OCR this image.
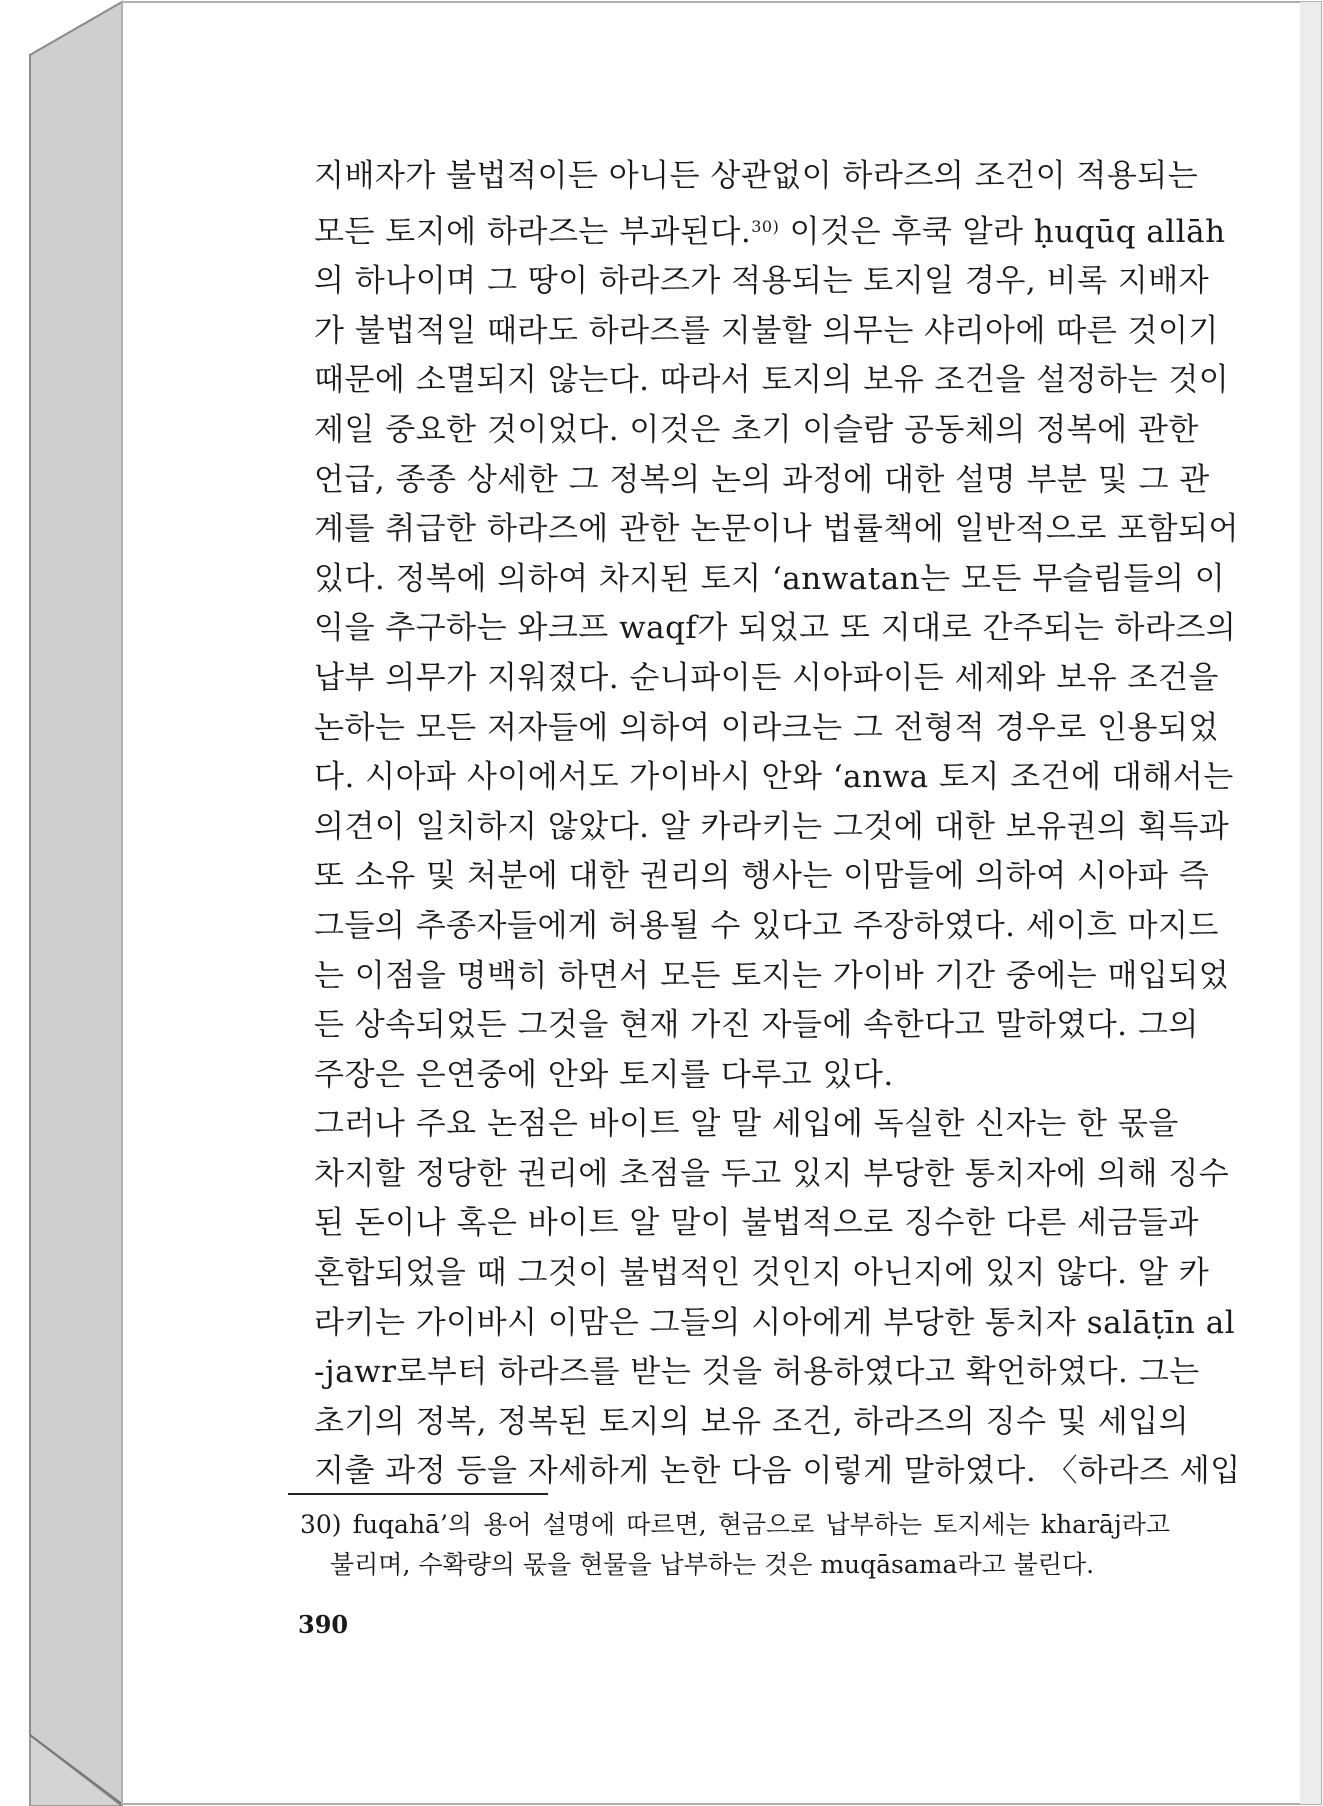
지배자가 불법적이든 아니든 상관없이 하라즈의 조건이 적용되는
모든 토지에 하라즈는 부과된다.$^{30)}$ 이것은 후쿡 알라 ḥuqūq allāh
의 하나이며 그 땅이 하라즈가 적용되는 토지일 경우, 비록 지배자
가 불법적일 때라도 하라즈를 지불할 의무는 샤리아에 따른 것이기
때문에 소멸되지 않는다. 따라서 토지의 보유 조건을 설정하는 것이
제일 중요한 것이었다. 이것은 초기 이슬람 공동체의 정복에 관한
언급, 종종 상세한 그 정복의 논의 과정에 대한 설명 부분 및 그 관
계를 취급한 하라즈에 관한 논문이나 법률책에 일반적으로 포함되어
있다. 정복에 의하여 차지된 토지 ʻanwatan는 모든 무슬림들의 이
익을 추구하는 와크프 waqf가 되었고 또 지대로 간주되는 하라즈의
납부 의무가 지워졌다. 순니파이든 시아파이든 세제와 보유 조건을
논하는 모든 저자들에 의하여 이라크는 그 전형적 경우로 인용되었
다. 시아파 사이에서도 가이바시 안와 ʻanwa 토지 조건에 대해서는
의견이 일치하지 않았다. 알 카라키는 그것에 대한 보유권의 획득과
또 소유 및 처분에 대한 권리의 행사는 이맘들에 의하여 시아파 즉
그들의 추종자들에게 허용될 수 있다고 주장하였다. 세이흐 마지드
는 이점을 명백히 하면서 모든 토지는 가이바 기간 중에는 매입되었
든 상속되었든 그것을 현재 가진 자들에 속한다고 말하였다. 그의
주장은 은연중에 안와 토지를 다루고 있다.

그러나 주요 논점은 바이트 알 말 세입에 독실한 신자는 한 몫을
차지할 정당한 권리에 초점을 두고 있지 부당한 통치자에 의해 징수
된 돈이나 혹은 바이트 알 말이 불법적으로 징수한 다른 세금들과
혼합되었을 때 그것이 불법적인 것인지 아닌지에 있지 않다. 알 카
라키는 가이바시 이맘은 그들의 시아에게 부당한 통치자 salāṭīn al
-jawr로부터 하라즈를 받는 것을 허용하였다고 확언하였다. 그는
초기의 정복, 정복된 토지의 보유 조건, 하라즈의 징수 및 세입의
지출 과정 등을 자세하게 논한 다음 이렇게 말하였다. 〈하라즈 세입

30) fuqahā’의 용어 설명에 따르면, 현금으로 납부하는 토지세는 kharāj라고
불리며, 수확량의 몫을 현물을 납부하는 것은 muqāsama라고 불린다.
390
